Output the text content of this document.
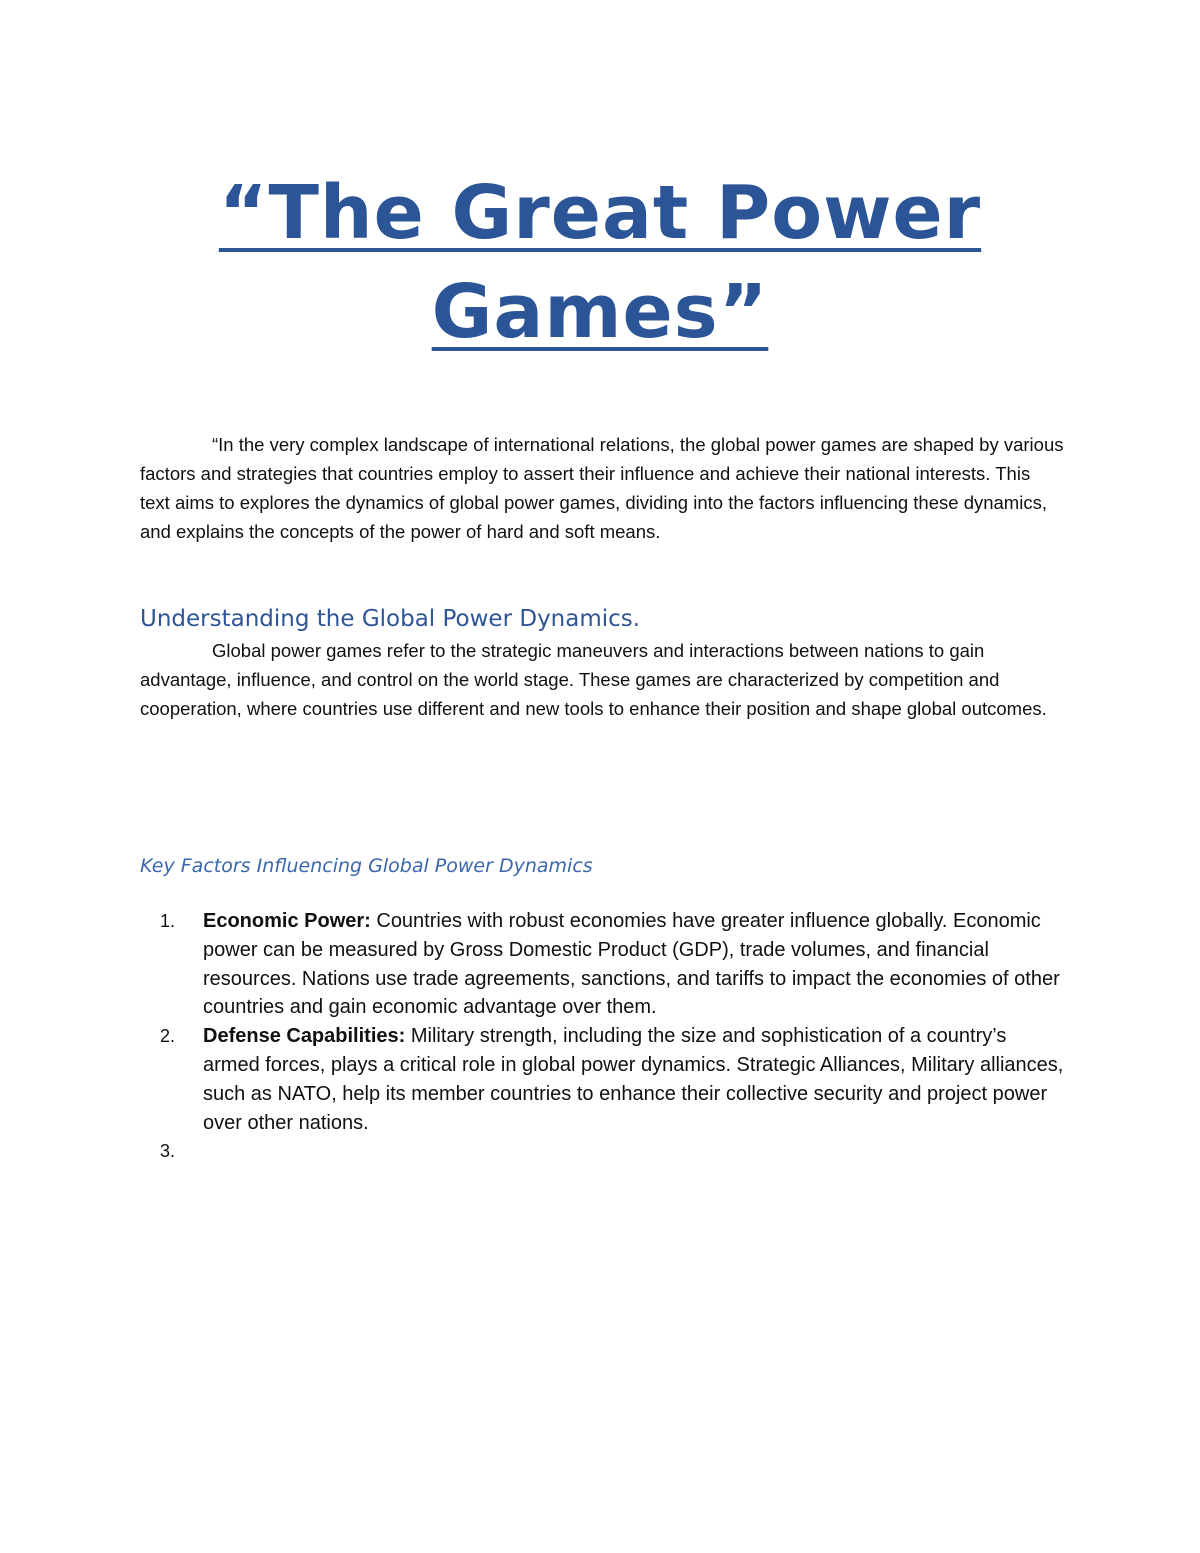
“The Great Power
Games”

“In the very complex landscape of international relations, the global power games are shaped by various factors and strategies that countries employ to assert their influence and achieve their national interests. This text aims to explores the dynamics of global power games, dividing into the factors influencing these dynamics, and explains the concepts of the power of hard and soft means.

Understanding the Global Power Dynamics.

Global power games refer to the strategic maneuvers and interactions between nations to gain advantage, influence, and control on the world stage. These games are characterized by competition and cooperation, where countries use different and new tools to enhance their position and shape global outcomes.

Key Factors Influencing Global Power Dynamics
1. Economic Power: Countries with robust economies have greater influence globally. Economic power can be measured by Gross Domestic Product (GDP), trade volumes, and financial resources. Nations use trade agreements, sanctions, and tariffs to impact the economies of other countries and gain economic advantage over them.
2. Defense Capabilities: Military strength, including the size and sophistication of a country’s armed forces, plays a critical role in global power dynamics. Strategic Alliances, Military alliances, such as NATO, help its member countries to enhance their collective security and project power over other nations.
3.
